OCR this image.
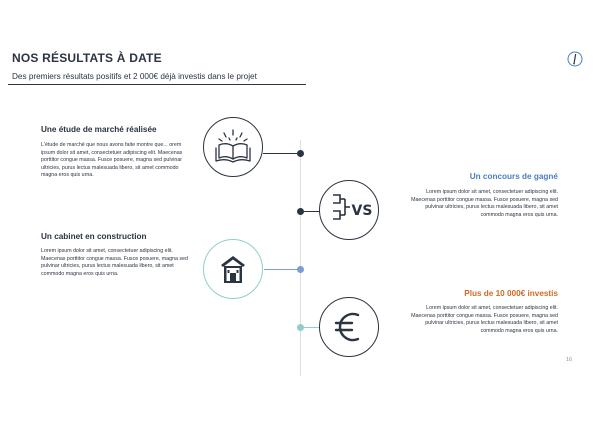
NOS RÉSULTATS À DATE
Des premiers résultats positifs et 2 000€ déjà investis dans le projet
Une étude de marché réalisée
L'étude de marché que nous avons faite montre que... orem ipsum dolor sit amet, consectetuer adipiscing elit. Maecenas porttitor congue massa. Fusce posuere, magna sed pulvinar ultricies, purus lectus malesuada libero, sit amet commodo magna eros quis urna.
VS
Un concours de gagné
Lorem ipsum dolor sit amet, consectetuer adipiscing elit. Maecenas porttitor congue massa. Fusce posuere, magna sed pulvinar ultricies, purus lectus malesuada libero, sit amet commodo magna eros quis urna.
Un cabinet en construction
Lorem ipsum dolor sit amet, consectetuer adipiscing elit. Maecenas porttitor congue massa. Fusce posuere, magna sed pulvinar ultricies, purus lectus malesuada libero, sit amet commodo magna eros quis urna.
Plus de 10 000€ investis
Lorem ipsum dolor sit amet, consectetuer adipiscing elit. Maecenas porttitor congue massa. Fusce posuere, magna sed pulvinar ultricies, purus lectus malesuada libero, sit amet commodo magna eros quis urna.
16
